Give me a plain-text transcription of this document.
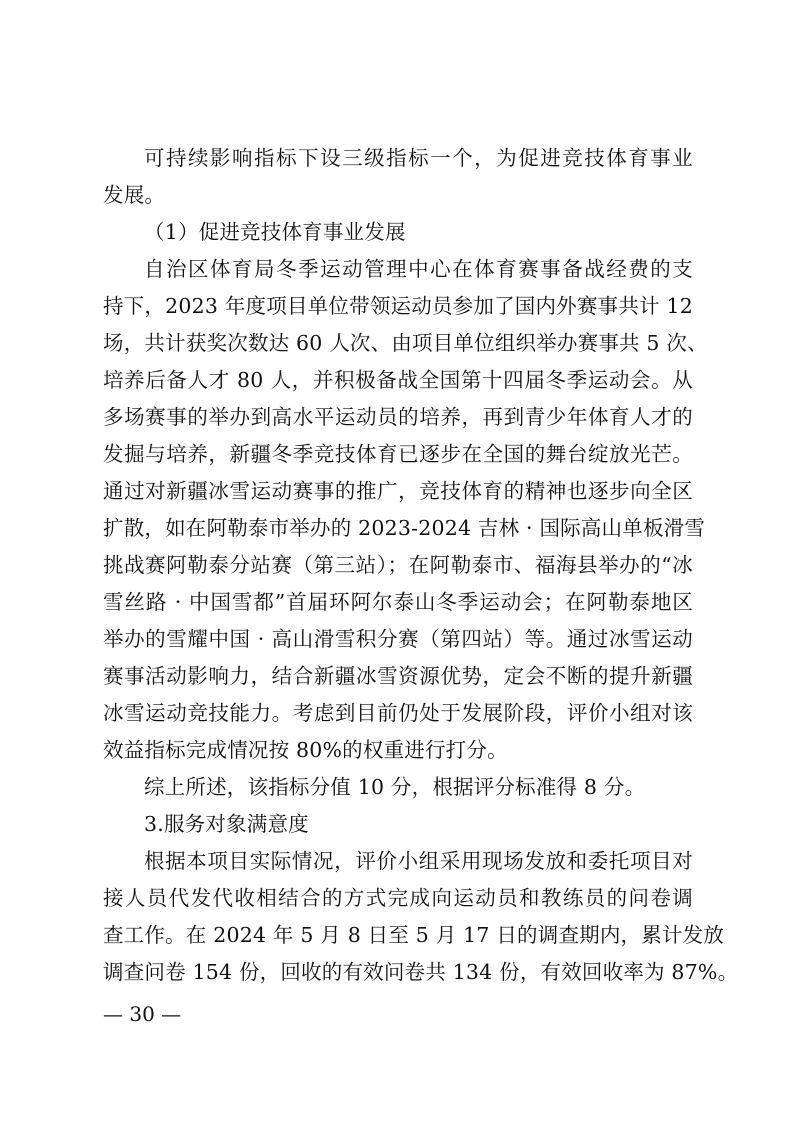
可持续影响指标下设三级指标一个，为促进竞技体育事业
发展。
（1）促进竞技体育事业发展
自治区体育局冬季运动管理中心在体育赛事备战经费的支
持下，2023 年度项目单位带领运动员参加了国内外赛事共计 12
场，共计获奖次数达 60 人次、由项目单位组织举办赛事共 5 次、
培养后备人才 80 人，并积极备战全国第十四届冬季运动会。从
多场赛事的举办到高水平运动员的培养，再到青少年体育人才的
发掘与培养，新疆冬季竞技体育已逐步在全国的舞台绽放光芒。
通过对新疆冰雪运动赛事的推广，竞技体育的精神也逐步向全区
扩散，如在阿勒泰市举办的 2023-2024 吉林 · 国际高山单板滑雪
挑战赛阿勒泰分站赛（第三站）；在阿勒泰市、福海县举办的“冰
雪丝路 · 中国雪都”首届环阿尔泰山冬季运动会；在阿勒泰地区
举办的雪耀中国 · 高山滑雪积分赛（第四站）等。通过冰雪运动
赛事活动影响力，结合新疆冰雪资源优势，定会不断的提升新疆
冰雪运动竞技能力。考虑到目前仍处于发展阶段，评价小组对该
效益指标完成情况按 80%的权重进行打分。
综上所述，该指标分值 10 分，根据评分标准得 8 分。
3.服务对象满意度
根据本项目实际情况，评价小组采用现场发放和委托项目对
接人员代发代收相结合的方式完成向运动员和教练员的问卷调
查工作。在 2024 年 5 月 8 日至 5 月 17 日的调查期内，累计发放
调查问卷 154 份，回收的有效问卷共 134 份，有效回收率为 87%。
— 30 —
